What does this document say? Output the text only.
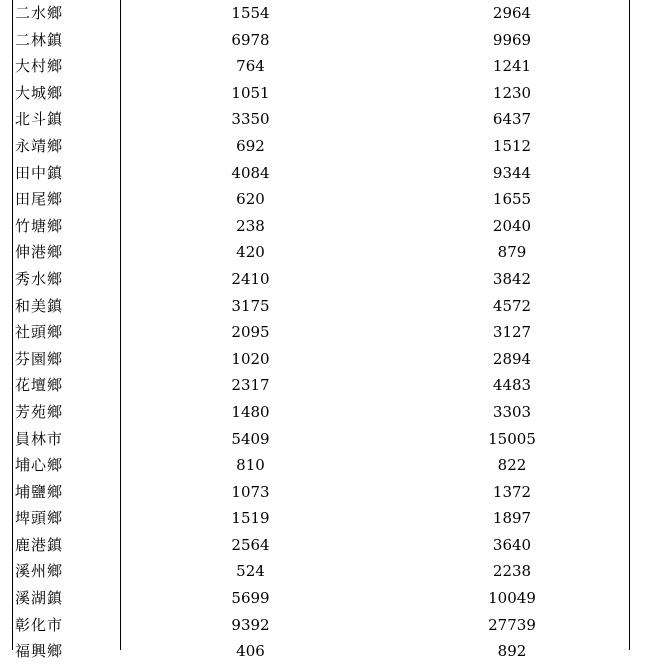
二水鄉	1554	2964
二林鎮	6978	9969
大村鄉	764	1241
大城鄉	1051	1230
北斗鎮	3350	6437
永靖鄉	692	1512
田中鎮	4084	9344
田尾鄉	620	1655
竹塘鄉	238	2040
伸港鄉	420	879
秀水鄉	2410	3842
和美鎮	3175	4572
社頭鄉	2095	3127
芬園鄉	1020	2894
花壇鄉	2317	4483
芳苑鄉	1480	3303
員林市	5409	15005
埔心鄉	810	822
埔鹽鄉	1073	1372
埤頭鄉	1519	1897
鹿港鎮	2564	3640
溪州鄉	524	2238
溪湖鎮	5699	10049
彰化市	9392	27739
福興鄉	406	892
